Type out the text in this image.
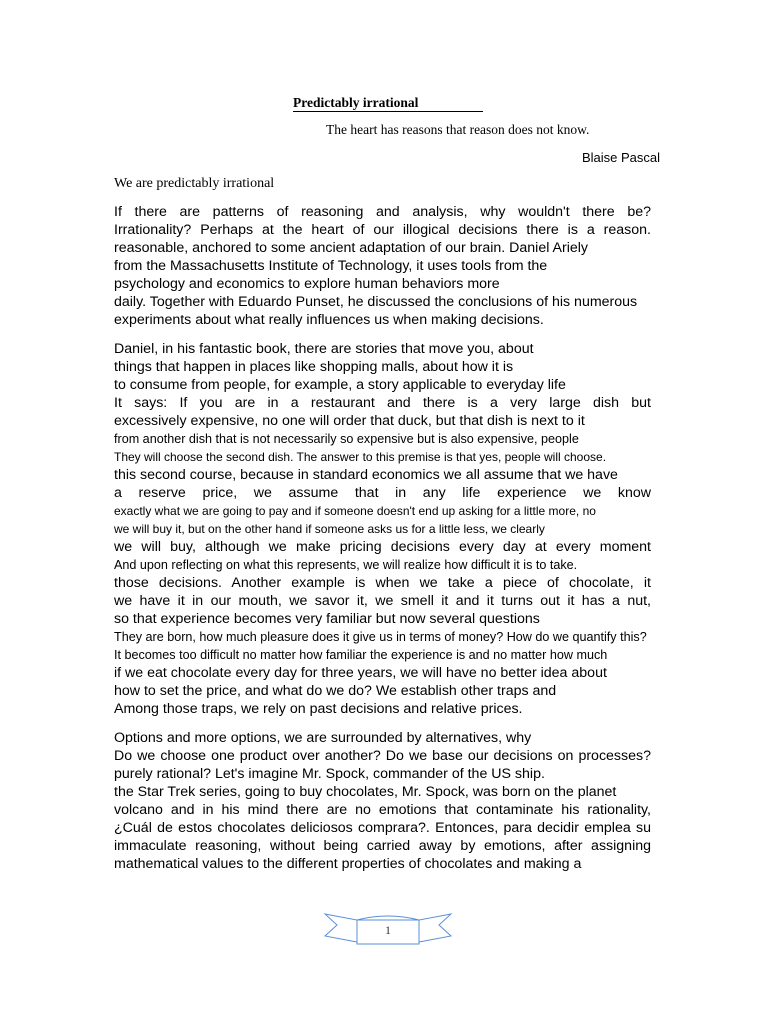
Predictably irrational
The heart has reasons that reason does not know.
Blaise Pascal
We are predictably irrational
If there are patterns of reasoning and analysis, why wouldn't there be?
Irrationality? Perhaps at the heart of our illogical decisions there is a reason.
reasonable, anchored to some ancient adaptation of our brain. Daniel Ariely
from the Massachusetts Institute of Technology, it uses tools from the
psychology and economics to explore human behaviors more
daily. Together with Eduardo Punset, he discussed the conclusions of his numerous
experiments about what really influences us when making decisions.
Daniel, in his fantastic book, there are stories that move you, about
things that happen in places like shopping malls, about how it is
to consume from people, for example, a story applicable to everyday life
It says: If you are in a restaurant and there is a very large dish but
excessively expensive, no one will order that duck, but that dish is next to it
from another dish that is not necessarily so expensive but is also expensive, people
They will choose the second dish. The answer to this premise is that yes, people will choose.
this second course, because in standard economics we all assume that we have
a reserve price, we assume that in any life experience we know
exactly what we are going to pay and if someone doesn't end up asking for a little more, no
we will buy it, but on the other hand if someone asks us for a little less, we clearly
we will buy, although we make pricing decisions every day at every moment
And upon reflecting on what this represents, we will realize how difficult it is to take.
those decisions. Another example is when we take a piece of chocolate, it
we have it in our mouth, we savor it, we smell it and it turns out it has a nut,
so that experience becomes very familiar but now several questions
They are born, how much pleasure does it give us in terms of money? How do we quantify this?
It becomes too difficult no matter how familiar the experience is and no matter how much
if we eat chocolate every day for three years, we will have no better idea about
how to set the price, and what do we do? We establish other traps and
Among those traps, we rely on past decisions and relative prices.
Options and more options, we are surrounded by alternatives, why
Do we choose one product over another? Do we base our decisions on processes?
purely rational? Let's imagine Mr. Spock, commander of the US ship.
the Star Trek series, going to buy chocolates, Mr. Spock, was born on the planet
volcano and in his mind there are no emotions that contaminate his rationality,
¿Cuál de estos chocolates deliciosos comprara?. Entonces, para decidir emplea su
immaculate reasoning, without being carried away by emotions, after assigning
mathematical values to the different properties of chocolates and making a
1
